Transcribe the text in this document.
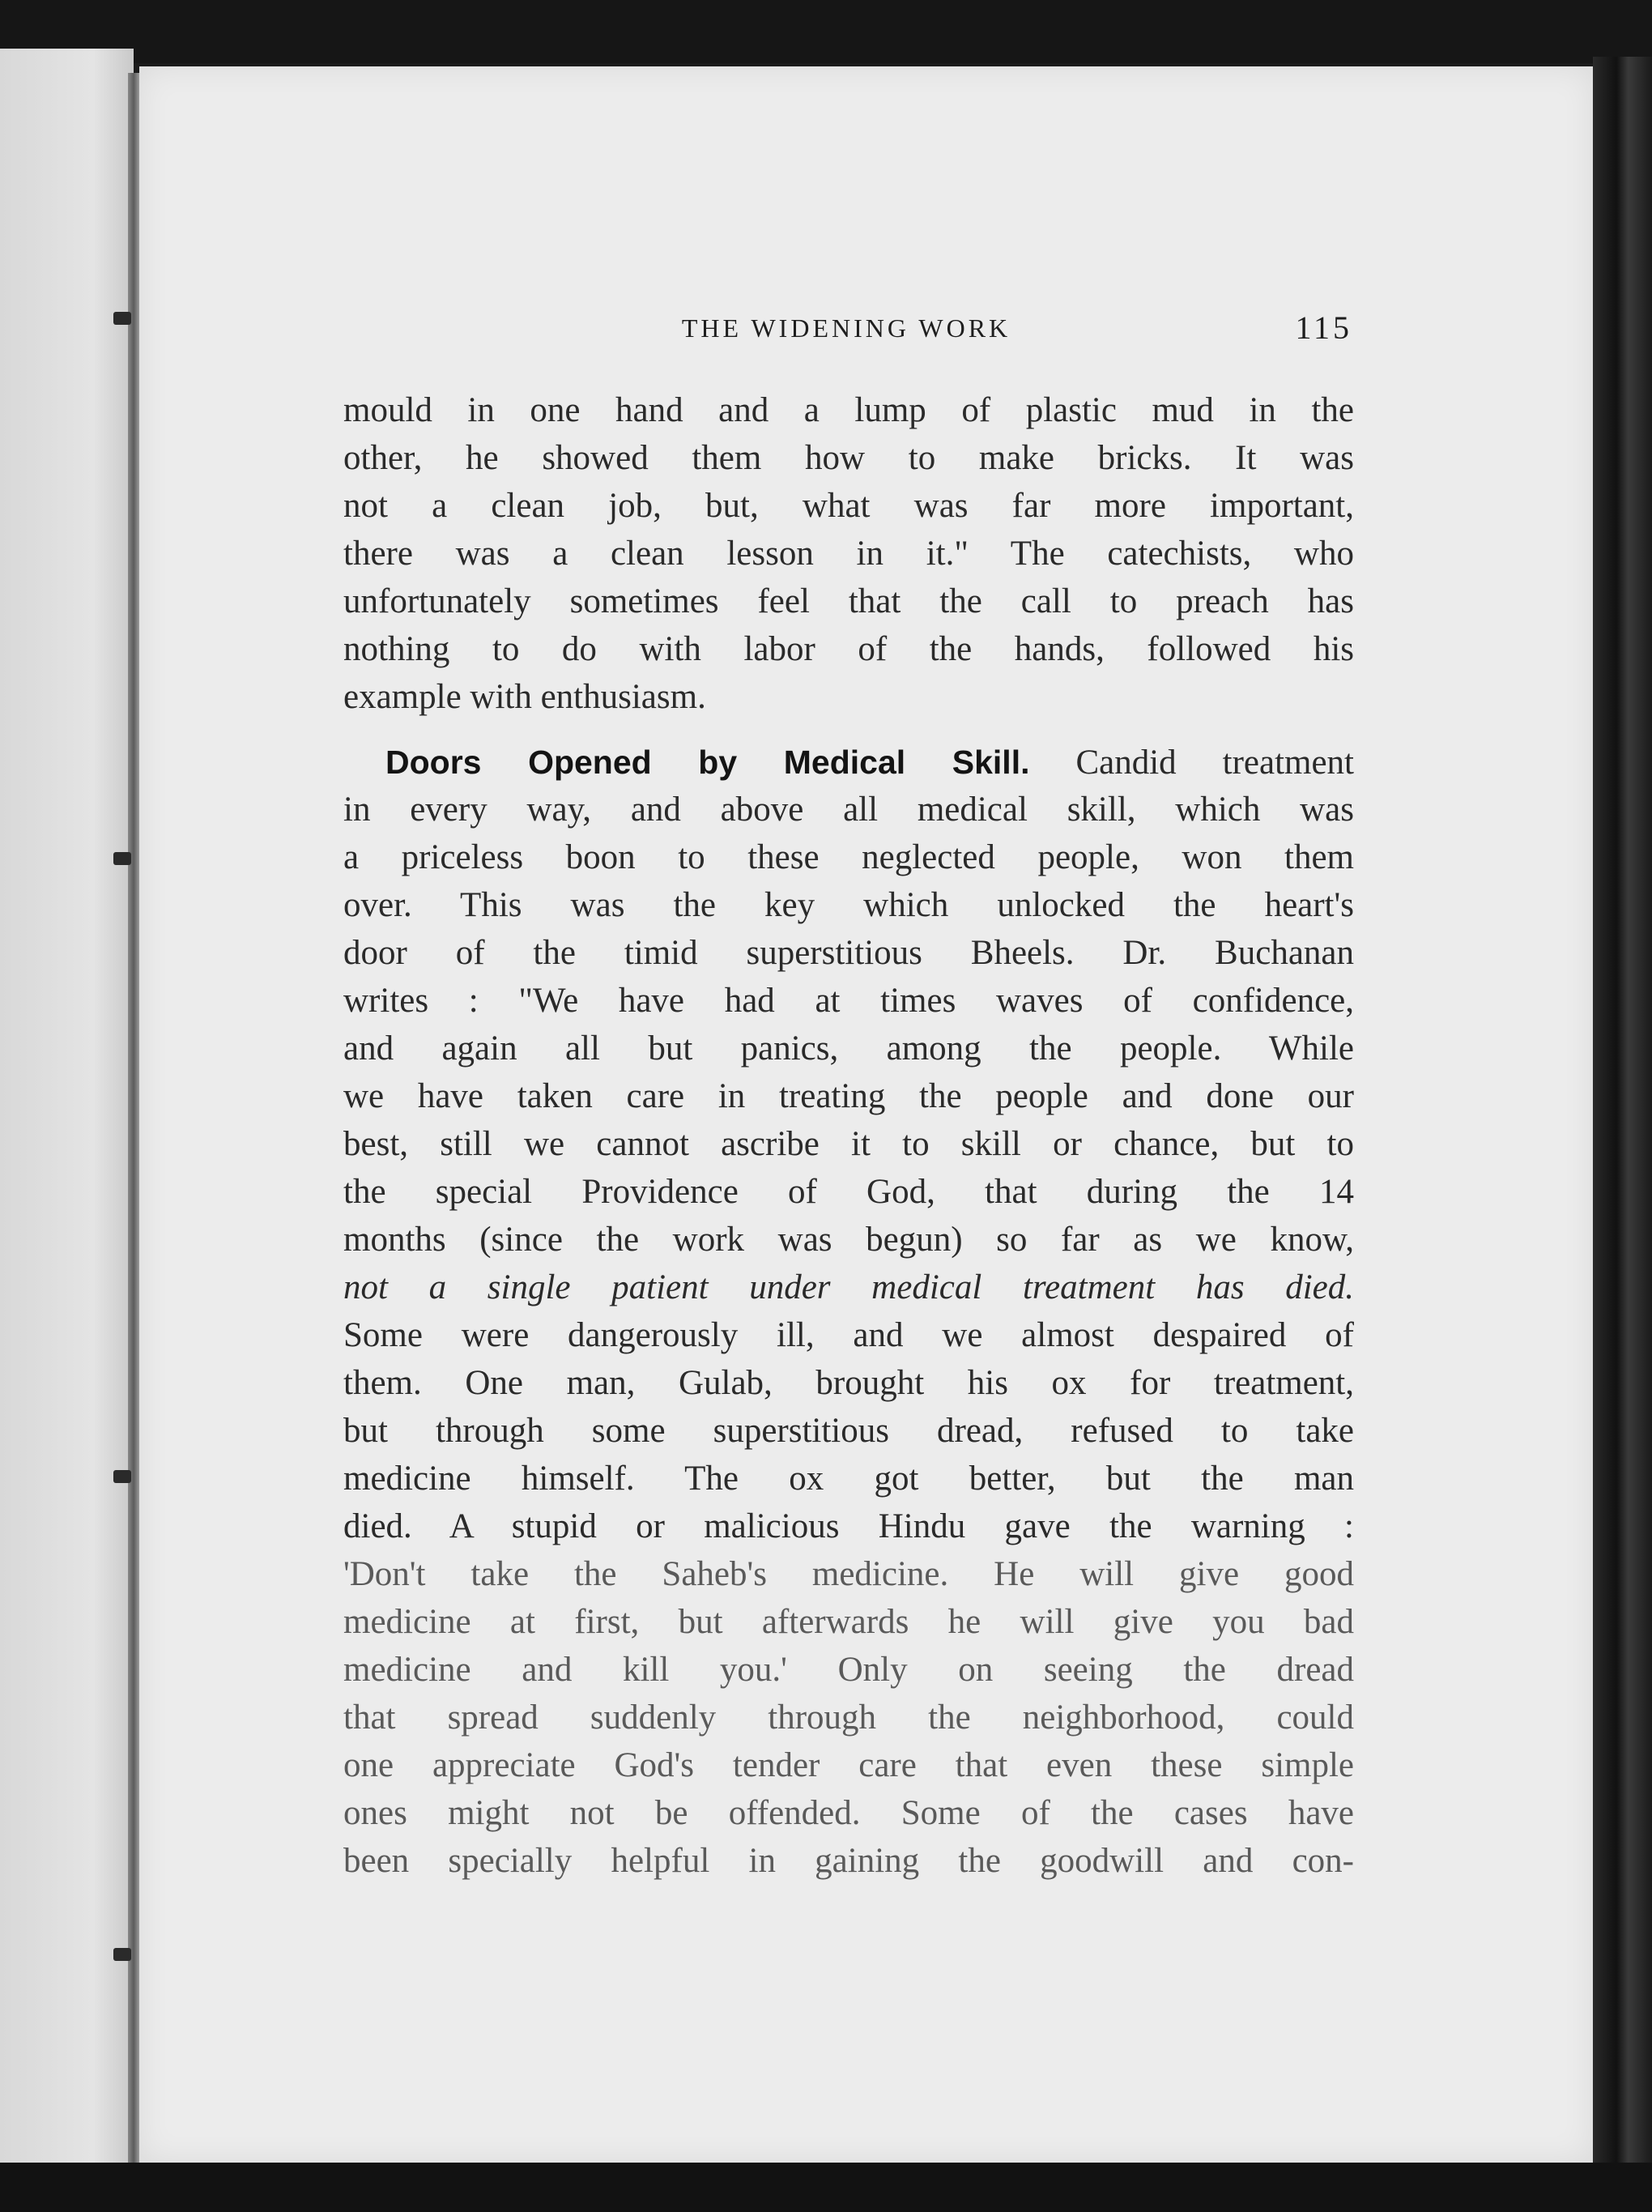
THE WIDENING WORK	115
mould in one hand and a lump of plastic mud in the
other, he showed them how to make bricks. It was
not a clean job, but, what was far more important,
there was a clean lesson in it." The catechists, who
unfortunately sometimes feel that the call to preach has
nothing to do with labor of the hands, followed his
example with enthusiasm.
Doors Opened by Medical Skill. Candid treatment
in every way, and above all medical skill, which was
a priceless boon to these neglected people, won them
over. This was the key which unlocked the heart's
door of the timid superstitious Bheels. Dr. Buchanan
writes : "We have had at times waves of confidence,
and again all but panics, among the people. While
we have taken care in treating the people and done our
best, still we cannot ascribe it to skill or chance, but to
the special Providence of God, that during the 14
months (since the work was begun) so far as we know,
not a single patient under medical treatment has died.
Some were dangerously ill, and we almost despaired of
them. One man, Gulab, brought his ox for treatment,
but through some superstitious dread, refused to take
medicine himself. The ox got better, but the man
died. A stupid or malicious Hindu gave the warning :
'Don't take the Saheb's medicine. He will give good
medicine at first, but afterwards he will give you bad
medicine and kill you.' Only on seeing the dread
that spread suddenly through the neighborhood, could
one appreciate God's tender care that even these simple
ones might not be offended. Some of the cases have
been specially helpful in gaining the goodwill and con-
